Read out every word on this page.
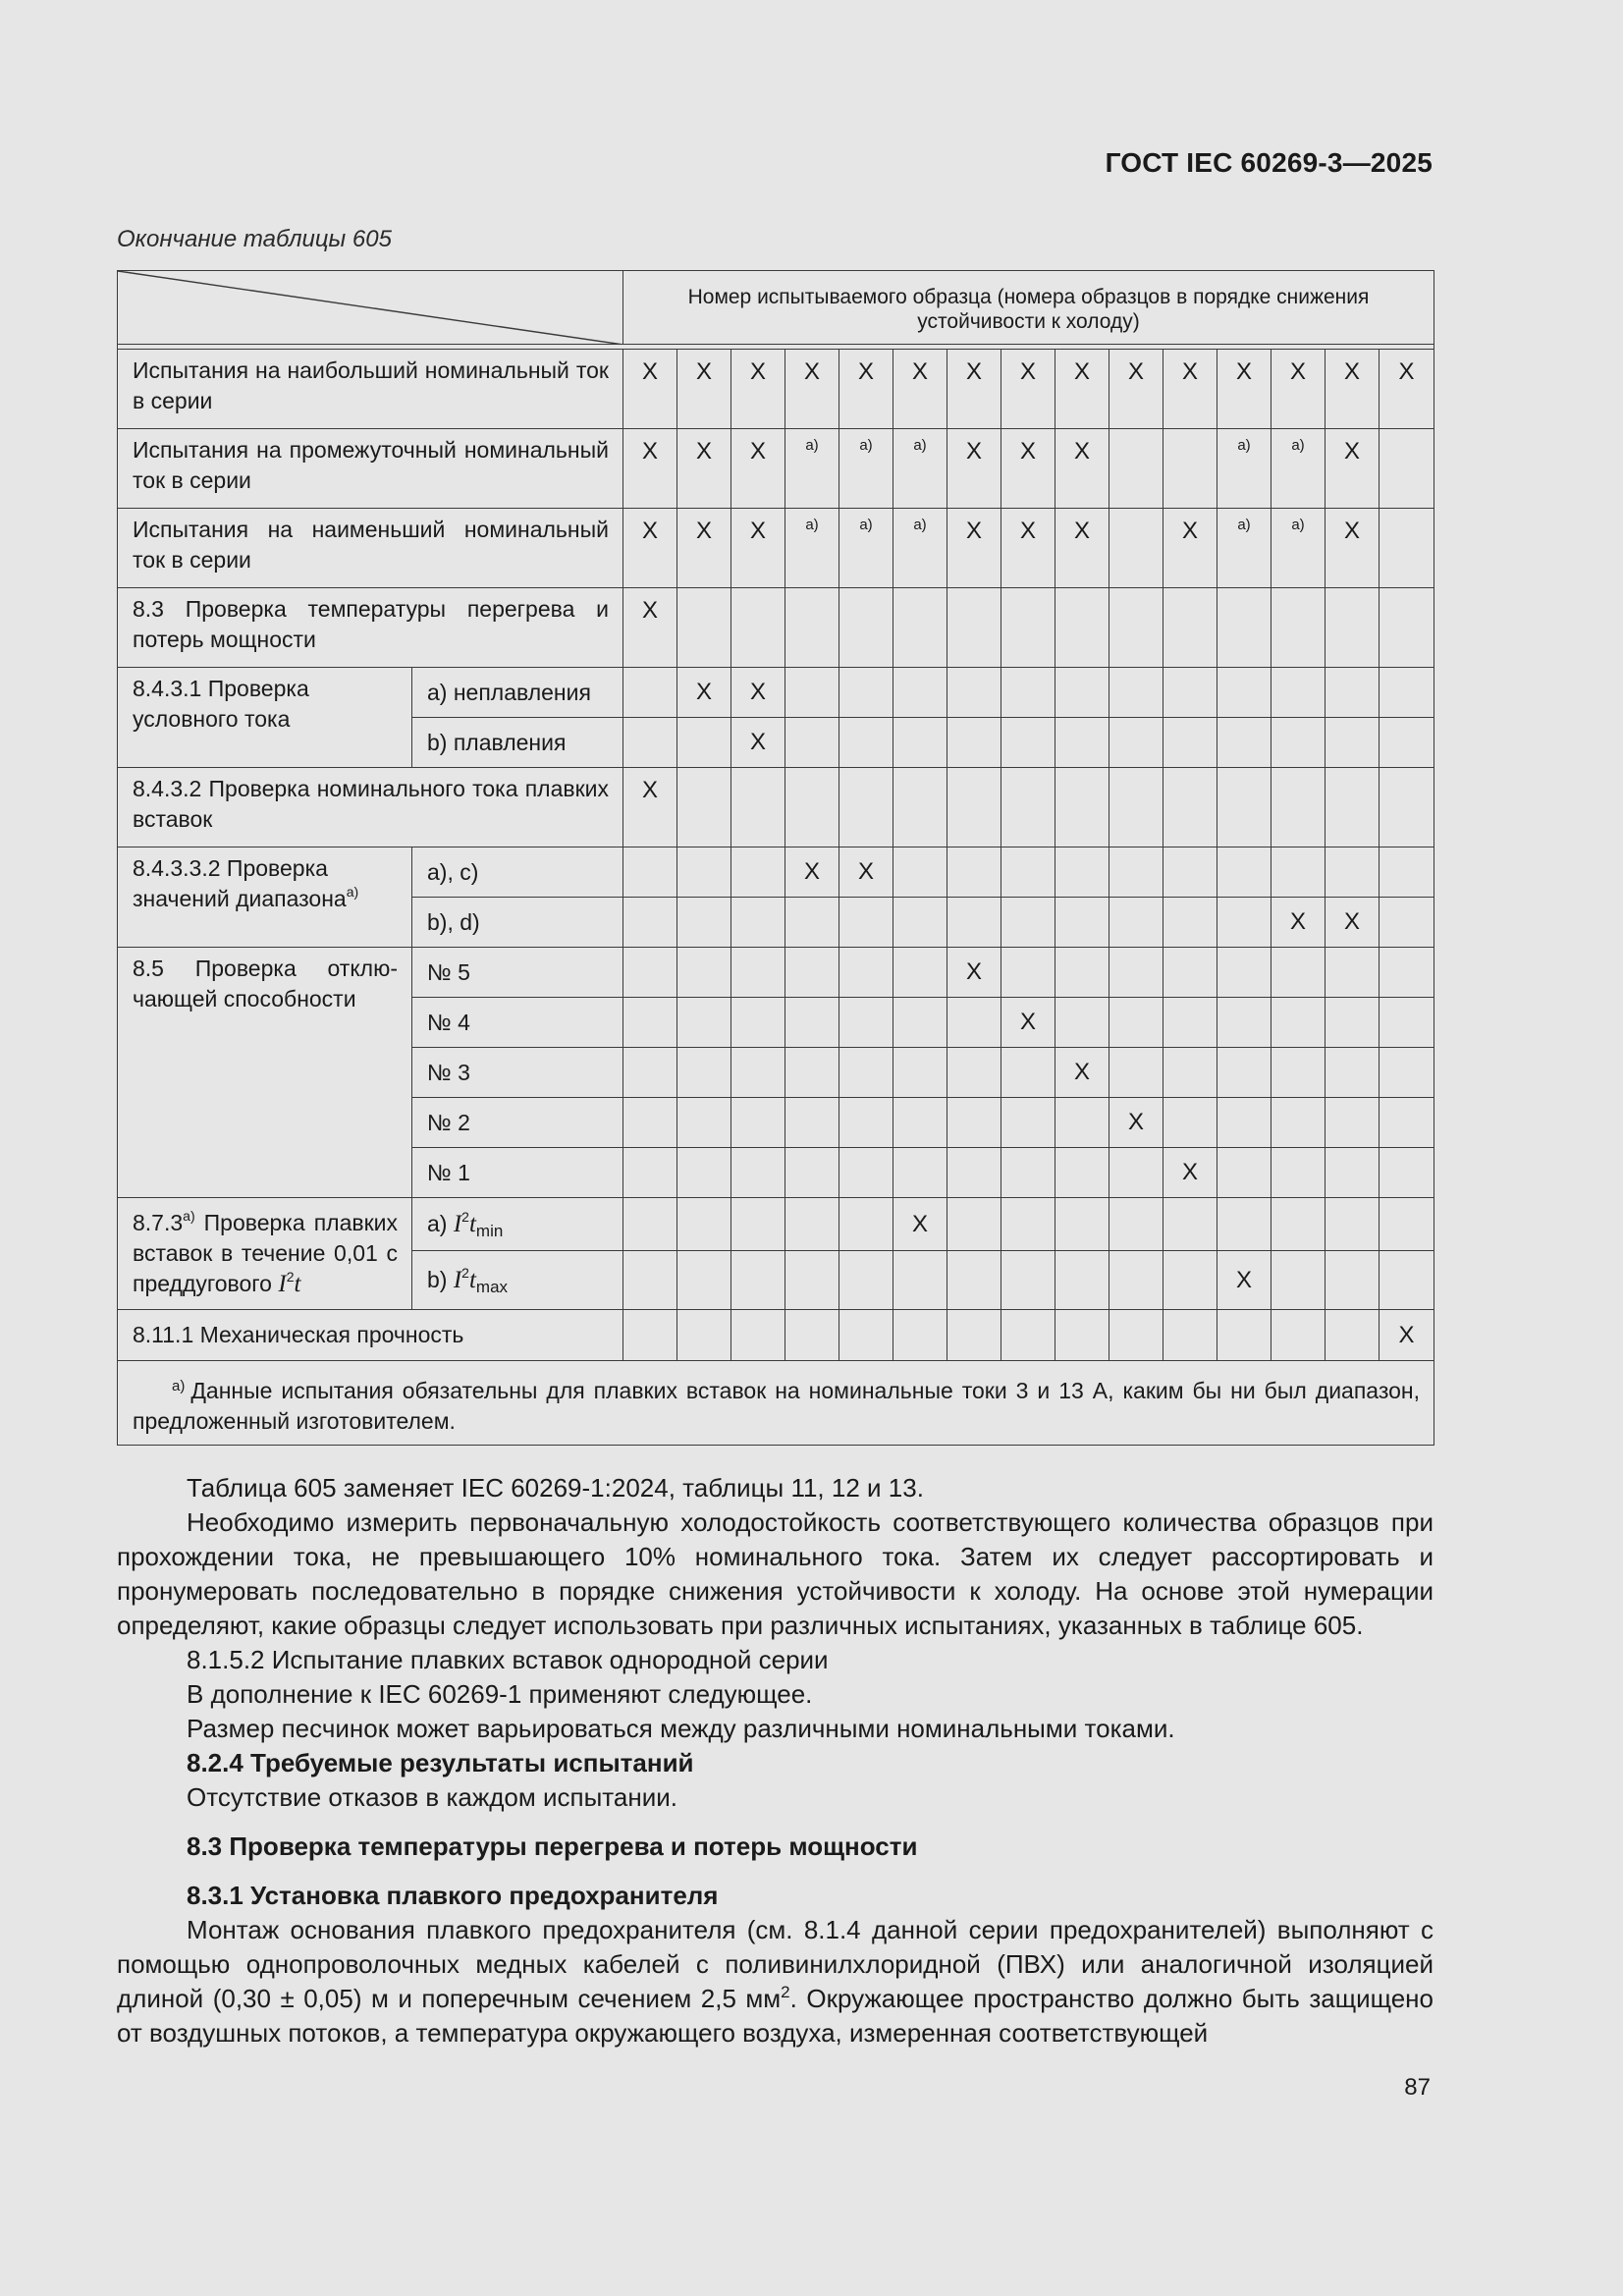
ГОСТ IEC 60269-3—2025
Окончание таблицы 605
	Номер испытываемого образца (номера образцов в порядке снижения устойчивости к холоду)														

Испытания на наибольший номинальный ток в серии		X	X	X	X	X	X	X	X	X	X	X	X	X	X	X
Испытания на промежуточный номинальный ток в серии		X	X	X	a)	a)	a)	X	X	X			a)	a)	X	
Испытания на наименьший номинальный ток в серии		X	X	X	a)	a)	a)	X	X	X		X	a)	a)	X	
8.3 Проверка температуры перегрева и потерь мощности		X														
8.4.3.1 Проверка условного тока	a) неплавления		X	X												
	b) плавления			X												
8.4.3.2 Проверка номинального тока плавких вставок		X														
8.4.3.3.2 Проверка значений диапазона$^{a)}$	a), c)				X	X										
	b), d)													X	X	
8.5 Проверка отключающей способности	№ 5							X								
	№ 4								X							
	№ 3									X						
	№ 2										X					
	№ 1											X				
8.7.3$^{a)}$ Проверка плавких вставок в течение 0,01 с преддугового $I^2t$	a) $I^2t_{min}$						X									
	b) $I^2t_{max}$												X			
8.11.1 Механическая прочность																X
$^{a)}$ Данные испытания обязательны для плавких вставок на номинальные токи 3 и 13 А, каким бы ни был диапазон, предложенный изготовителем.																

Таблица 605 заменяет IEC 60269-1:2024, таблицы 11, 12 и 13.

Необходимо измерить первоначальную холодостойкость соответствующего количества образцов при прохождении тока, не превышающего 10% номинального тока. Затем их следует рассортировать и пронумеровать последовательно в порядке снижения устойчивости к холоду. На основе этой нумерации определяют, какие образцы следует использовать при различных испытаниях, указанных в таблице 605.

8.1.5.2 Испытание плавких вставок однородной серии

В дополнение к IEC 60269-1 применяют следующее.

Размер песчинок может варьироваться между различными номинальными токами.

8.2.4 Требуемые результаты испытаний

Отсутствие отказов в каждом испытании.

8.3 Проверка температуры перегрева и потерь мощности

8.3.1 Установка плавкого предохранителя

Монтаж основания плавкого предохранителя (см. 8.1.4 данной серии предохранителей) выполняют с помощью однопроволочных медных кабелей с поливинилхлоридной (ПВХ) или аналогичной изоляцией длиной (0,30 ± 0,05) м и поперечным сечением 2,5 $мм^2$. Окружающее пространство должно быть защищено от воздушных потоков, а температура окружающего воздуха, измеренная соответствующей

87
